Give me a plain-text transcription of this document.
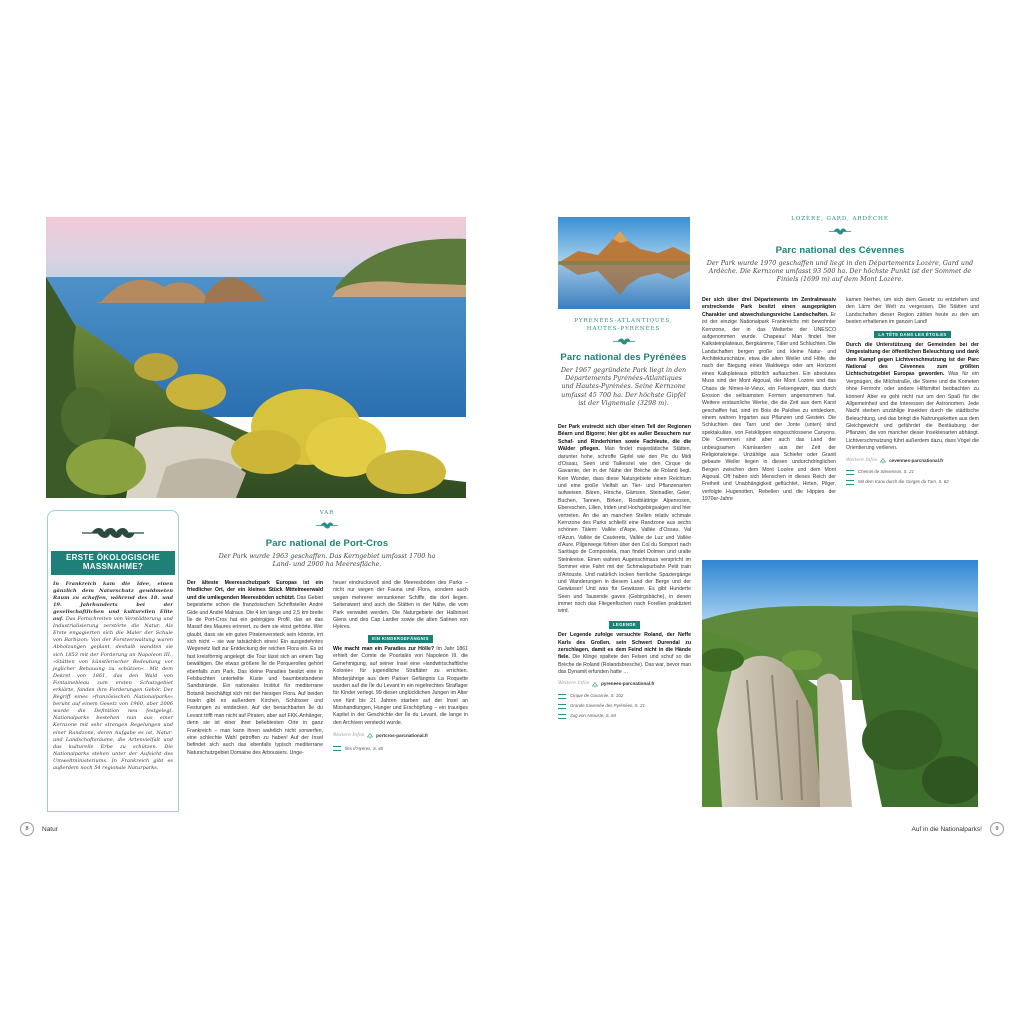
ERSTE ÖKOLOGISCHE MASSNAHME?
In Frankreich kam die Idee, einen gänzlich dem Naturschutz gewidmeten Raum zu schaffen, während des 18. und 19. Jahrhunderts bei der gesellschaftlichen und kulturellen Elite auf. Das Fortschreiten von Verstädterung und Industrialisierung zerstörte die Natur. Als Erste engagierten sich die Maler der Schule von Barbizon: Von der Forstverwaltung waren Abholzungen geplant, deshalb wandten sie sich 1853 mit der Forderung an Napoleon III., »Stätten von künstlerischer Bedeutung vor jeglicher Behauung zu schützen«. Mit dem Dekret von 1861, das den Wald von Fontainebleau zum ersten Schutzgebiet erklärte, fanden ihre Forderungen Gehör. Der Begriff eines »französischen Nationalparks« beruht auf einem Gesetz von 1960, aber 2006 wurde die Definition neu festgelegt. Nationalparks bestehen nun aus einer Kernzone mit sehr strengen Regelungen und einer Randzone, deren Aufgabe es ist, Natur- und Landschaftsräume, die Artenvielfalt und das kulturelle Erbe zu schützen. Die Nationalparks stehen unter der Aufsicht des Umweltministeriums. In Frankreich gibt es außerdem noch 54 regionale Naturparks.
VAR
Parc national de Port-Cros
Der Park wurde 1963 geschaffen. Das Kerngebiet umfasst 1700 ha Land- und 2900 ha Meeresfläche.

Der älteste Meeresschutzpark Europas ist ein friedlicher Ort, der ein kleines Stück Mittelmeerwald und die umliegenden Meeresböden schützt. Das Gebiet begeisterte schon die französischen Schriftsteller André Gide und André Malraux. Die 4 km lange und 2,5 km breite Île de Port-Cros hat ein gebirgiges Profil, das an das Massif des Maures erinnert, zu dem sie einst gehörte. Wer glaubt, dass sie ein gutes Piratenversteck sein könnte, irrt sich nicht – sie war tatsächlich eines! Ein ausgedehntes Wegenetz lädt zur Entdeckung der reichen Flora ein. Es ist fast kreisförmig angelegt: die Tour lässt sich an einem Tag bewältigen. Die etwas größere Île de Porquerolles gehört ebenfalls zum Park. Das kleine Paradies besitzt eine in Felsbuchten unterteilte Küste und baumbestandene Sandstrände. Ein nationales Institut für mediterrane Botanik beschäftigt sich mit der hiesigen Flora. Auf beiden Inseln gibt es außerdem Kirchen, Schlösser und Festungen zu entdecken. Auf der benachbarten Île du Levant trifft man nicht auf Piraten, aber auf FKK-Anhänger, denn sie ist einer ihrer beliebtesten Orte in ganz Frankreich – man kann ihnen wahrlich nicht vorwerfen, eine schlechte Wahl getroffen zu haben! Auf der Insel befindet sich auch das ebenfalls typisch mediterrane Naturschutzgebiet Domaine des Arbousiers. Unge-

heuer eindrucksvoll sind die Meeresböden des Parks – nicht nur wegen der Fauna und Flora, sondern auch wegen mehrerer versunkener Schiffe, die dort liegen. Seitenswert sind auch die Stätten in der Nähe, die vom Park verwaltet werden. Die Naturgebiete der Halbinsel Giens und des Cap Lardier sowie die alten Salinen von Hyères.

EIN KINDERGEFÄNGNIS

Wie macht man ein Paradies zur Hölle? Im Jahr 1861 erhielt der Comte de Pourtalès von Napoleon III. die Genehmigung, auf seiner Insel eine »landwirtschaftliche Kolonie« für jugendliche Straftäter zu errichten. Minderjährige aus dem Pariser Gefängnis La Roquette wurden auf die Île du Levant in ein regelrechtes Straflager für Kinder verlegt. 99 dieser unglücklichen Jungen im Alter von fünf bis 21 Jahren starben auf der Insel an Misshandlungen, Hunger und Erschöpfung – ein trauriges Kapitel in der Geschichte der Île du Levant, die lange in den Archiven versteckt wurde.

Weitere Infos	portcros-parcnational.fr
Îles d’Hyères, S. 40
8	Natur
PYRÉNÉES-ATLANTIQUES,
HAUTES-PYRÉNÉES
Parc national des Pyrénées
Der 1967 gegründete Park liegt in den Départements Pyrénées-Atlantiques und Hautes-Pyrénées. Seine Kernzone umfasst 45 700 ha. Der höchste Gipfel ist der Vignemale (3298 m).

Der Park erstreckt sich über einen Teil der Regionen Béarn und Bigorre; hier gibt es außer Besuchern nur Schaf- und Rinderhirten sowie Fachleute, die die Wälder pflegen. Man findet majestätische Stätten, darunter hohe, schroffe Gipfel wie den Pic du Midi d’Ossau, Seen und Talkessel wie den Cirque de Gavarnie, der in der Nähe der Brèche de Roland liegt. Kein Wunder, dass diese Naturgebiete einen Reichtum und eine große Vielfalt an Tier- und Pflanzenarten aufweisen. Bären, Hirsche, Gämsen, Steinadler, Geier, Buchen, Tannen, Birken, Rostblättrige Alpenrosen, Ebereschen, Lilien, Iriden und Hochgebirgsalgen sind hier vertreten. An die an manchen Stellen relativ schmale Kernzone des Parks schließt eine Randzone aus sechs schönen Tälern: Vallée d’Aspe, Vallée d’Ossau, Val d’Azun, Vallée de Cauterets, Vallée de Luz und Vallée d’Aure. Pilgerwege führen über den Col du Somport nach Santiago de Compostela, man findet Dolmen und uralte Steinkreise. Einen wahren Augenschmaus verspricht im Sommer eine Fahrt mit der Schmalspurbahn Petit train d’Artouste. Und natürlich locken herrliche Spaziergänge und Wanderungen in diesem Land der Berge und der Gewässer! Und was für Gewässer. Es gibt Hunderte Seen und Tausende gaves (Gebirgsbäche), in denen immer noch das Fliegenfischen nach Forellen praktiziert wird.

LEGENDE

Der Legende zufolge versuchte Roland, der Neffe Karls des Großen, sein Schwert Durendal zu zerschlagen, damit es dem Feind nicht in die Hände fiele. Die Klinge spaltete den Felsen und schuf so die Brèche de Roland (Rolandsbresche). Das war, bevor man das Dynamit erfunden hatte …

Weitere Infos	pyrenees-parcnational.fr
Cirque de Gavarnie, S. 102
Grande traversée des Pyrénées, S. 21
Zug von Artouste, S. 84
LOZÈRE, GARD, ARDÈCHE
Parc national des Cévennes
Der Park wurde 1970 geschaffen und liegt in den Départements Lozère, Gard und Ardèche. Die Kernzone umfasst 93 500 ha. Der höchste Punkt ist der Sommet de Finiels (1699 m) auf dem Mont Lozère.

Der sich über drei Départements im Zentralmassiv erstreckende Park besitzt einen ausgeprägten Charakter und abwechslungsreiche Landschaften. Er ist der einzige Nationalpark Frankreichs mit bewohnter Kernzone, der in das Welterbe der UNESCO aufgenommen wurde. Chapeau! Man findet hier Kalksteinplateaus, Bergkämme, Täler und Schluchten. Die Landschaften bergen große und kleine Natur- und Architekturschätze, etwa die alten Weiler und Höfe, die nach der Biegung eines Waldwegs oder am Horizont eines Kalkplateaus plötzlich auftauchen. Ein absolutes Muss sind der Mont Aigoual, der Mont Lozère und das Chaos de Nîmes-le-Vieux, ein Felsengewirr, das durch Erosion die seltsamsten Formen angenommen hat. Weitere erstaunliche Werke, die die Zeit aus dem Karst geschaffen hat, sind im Bois de Païolive zu entdecken, einem wahren Irrgarten aus Pflanzen und Gestein. Die Schluchten des Tarn und der Jonte (unten) sind spektakuläre, von Felsklippen eingeschlossene Canyons. Die Cevennen sind aber auch das Land der unbeugsamen Kamisarden aus der Zeit der Religionskriege. Unzählige aus Schiefer oder Granit gebaute Weiler liegen in diesen undurchdringlichen Bergen zwischen dem Mont Lozère und dem Mont Aigoual. Oft haben sich Menschen in dieses Reich der Freiheit und Unabhängigkeit geflüchtet, Hirten, Pilger, verfolgte Hugenotten, Rebellen und die Hippies der 1970er-Jahre

kamen hierher, um sich dem Gesetz zu entziehen und den Lärm der Welt zu vergessen. Die Stätten und Landschaften dieser Region zählen heute zu den am besten erhaltenen im ganzen Land!

LA TÊTE DANS LES ÉTOILES

Durch die Unterstützung der Gemeinden bei der Umgestaltung der öffentlichen Beleuchtung und dank dem Kampf gegen Lichtverschmutzung ist der Parc National des Cévennes zum größten Lichtschutzgebiet Europas geworden. Was für ein Vergnügen, die Milchstraße, die Sterne und die Kometen ohne Fernrohr oder andere Hilfsmittel beobachten zu können! Aber es geht nicht nur um den Spaß für die Allgemeinheit und die Interessen der Astronomen. Jede Nacht sterben unzählige Insekten durch die städtische Beleuchtung, und das bringt die Nahrungsketten aus dem Gleichgewicht und gefährdet die Bestäubung der Pflanzen, die von mancher dieser Insektenarten abhängt. Lichtverschmutzung führt außerdem dazu, dass Vögel die Orientierung verlieren.

Weitere Infos	cevennes-parcnational.fr
Chemin de Stevenson, S. 21
Mit dem Kanu durch die Gorges du Tarn, S. 62
Auf in die Nationalparks!	9
